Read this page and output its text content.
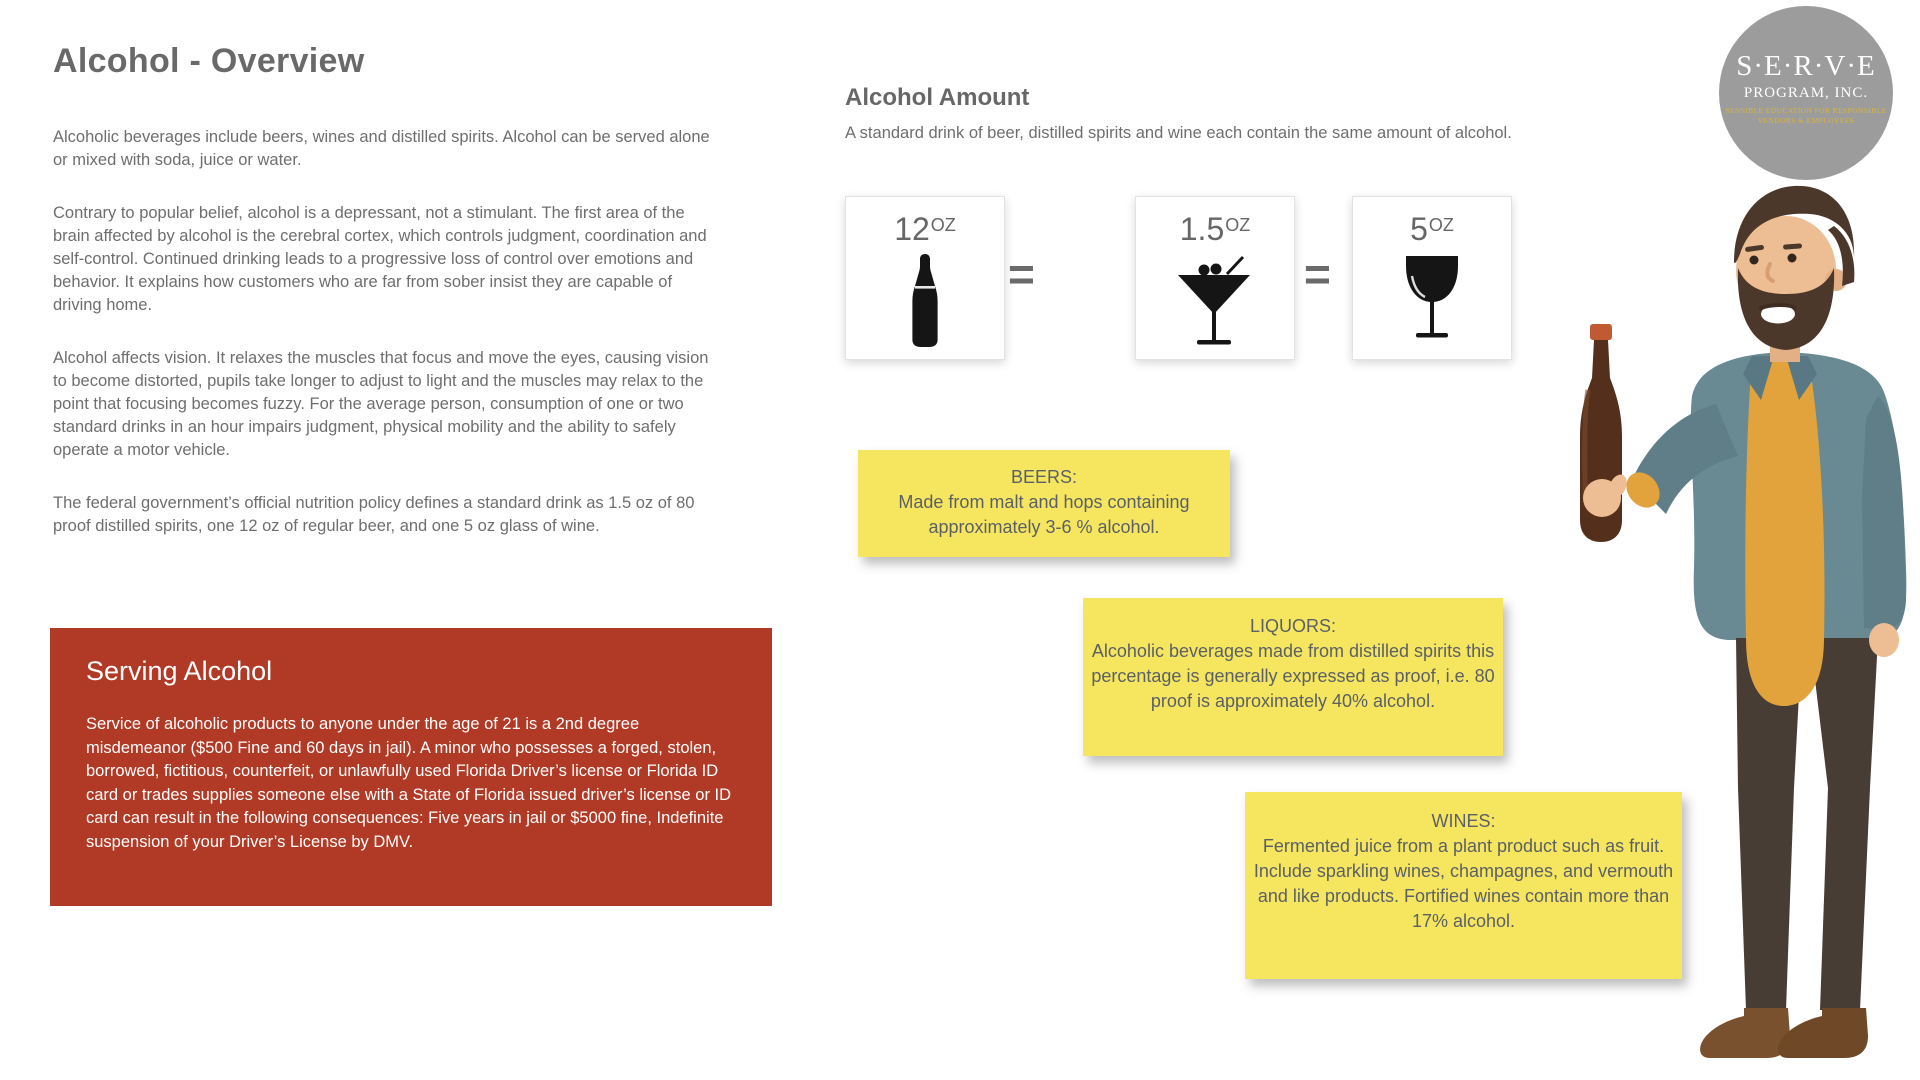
Alcohol - Overview

Alcoholic beverages include beers, wines and distilled spirits. Alcohol can be served alone or mixed with soda, juice or water.

Contrary to popular belief, alcohol is a depressant, not a stimulant. The first area of the brain affected by alcohol is the cerebral cortex, which controls judgment, coordination and self-control. Continued drinking leads to a progressive loss of control over emotions and behavior. It explains how customers who are far from sober insist they are capable of driving home.

Alcohol affects vision. It relaxes the muscles that focus and move the eyes, causing vision to become distorted, pupils take longer to adjust to light and the muscles may relax to the point that focusing becomes fuzzy. For the average person, consumption of one or two standard drinks in an hour impairs judgment, physical mobility and the ability to safely operate a motor vehicle.

The federal government’s official nutrition policy defines a standard drink as 1.5 oz of 80 proof distilled spirits, one 12 oz of regular beer, and one 5 oz glass of wine.

Serving Alcohol
Service of alcoholic products to anyone under the age of 21 is a 2nd degree misdemeanor ($500 Fine and 60 days in jail). A minor who possesses a forged, stolen, borrowed, fictitious, counterfeit, or unlawfully used Florida Driver’s license or Florida ID card or trades supplies someone else with a State of Florida issued driver’s license or ID card can result in the following consequences: Five years in jail or $5000 fine, Indefinite suspension of your Driver’s License by DMV.
Alcohol Amount
A standard drink of beer, distilled spirits and wine each contain the same amount of alcohol.
$12^{OZ}$
=
$1.5^{OZ}$
=
$5^{OZ}$
BEERS:
Made from malt and hops containing approximately 3-6 % alcohol.
LIQUORS:
Alcoholic beverages made from distilled spirits this percentage is generally expressed as proof, i.e. 80 proof is approximately 40% alcohol.
WINES:
Fermented juice from a plant product such as fruit. Include sparkling wines, champagnes, and vermouth and like products. Fortified wines contain more than 17% alcohol.
S·E·R·V·E
PROGRAM, INC.
SENSIBLE EDUCATION FOR RESPONSIBLE
VENDORS & EMPLOYEES
